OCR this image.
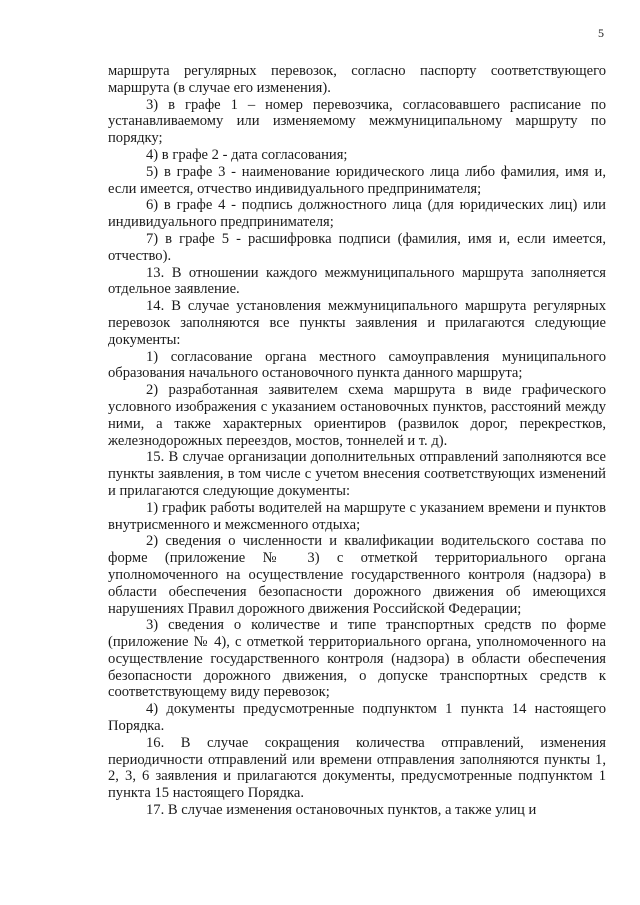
5

маршрута регулярных перевозок, согласно паспорту соответствующего маршрута (в случае его изменения).

3) в графе 1 – номер перевозчика, согласовавшего расписание по устанавливаемому или изменяемому межмуниципальному маршруту по порядку;

4) в графе 2 - дата согласования;

5) в графе 3 - наименование юридического лица либо фамилия, имя и, если имеется, отчество индивидуального предпринимателя;

6) в графе 4 - подпись должностного лица (для юридических лиц) или индивидуального предпринимателя;

7) в графе 5 - расшифровка подписи (фамилия, имя и, если имеется, отчество).

13. В отношении каждого межмуниципального маршрута заполняется отдельное заявление.

14. В случае установления межмуниципального маршрута регулярных перевозок заполняются все пункты заявления и прилагаются следующие документы:

1) согласование органа местного самоуправления муниципального образования начального остановочного пункта данного маршрута;

2) разработанная заявителем схема маршрута в виде графического условного изображения с указанием остановочных пунктов, расстояний между ними, а также характерных ориентиров (развилок дорог, перекрестков, железнодорожных переездов, мостов, тоннелей и т. д).

15. В случае организации дополнительных отправлений заполняются все пункты заявления, в том числе с учетом внесения соответствующих изменений и прилагаются следующие документы:

1) график работы водителей на маршруте с указанием времени и пунктов внутрисменного и межсменного отдыха;

2) сведения о численности и квалификации водительского состава по форме (приложение № 3) с отметкой территориального органа уполномоченного на осуществление государственного контроля (надзора) в области обеспечения безопасности дорожного движения об имеющихся нарушениях Правил дорожного движения Российской Федерации;

3) сведения о количестве и типе транспортных средств по форме (приложение № 4), с отметкой территориального органа, уполномоченного на осуществление государственного контроля (надзора) в области обеспечения безопасности дорожного движения, о допуске транспортных средств к соответствующему виду перевозок;

4) документы предусмотренные подпунктом 1 пункта 14 настоящего Порядка.

16. В случае сокращения количества отправлений, изменения периодичности отправлений или времени отправления заполняются пункты 1, 2, 3, 6 заявления и прилагаются документы, предусмотренные подпунктом 1 пункта 15 настоящего Порядка.

17. В случае изменения остановочных пунктов, а также улиц и
